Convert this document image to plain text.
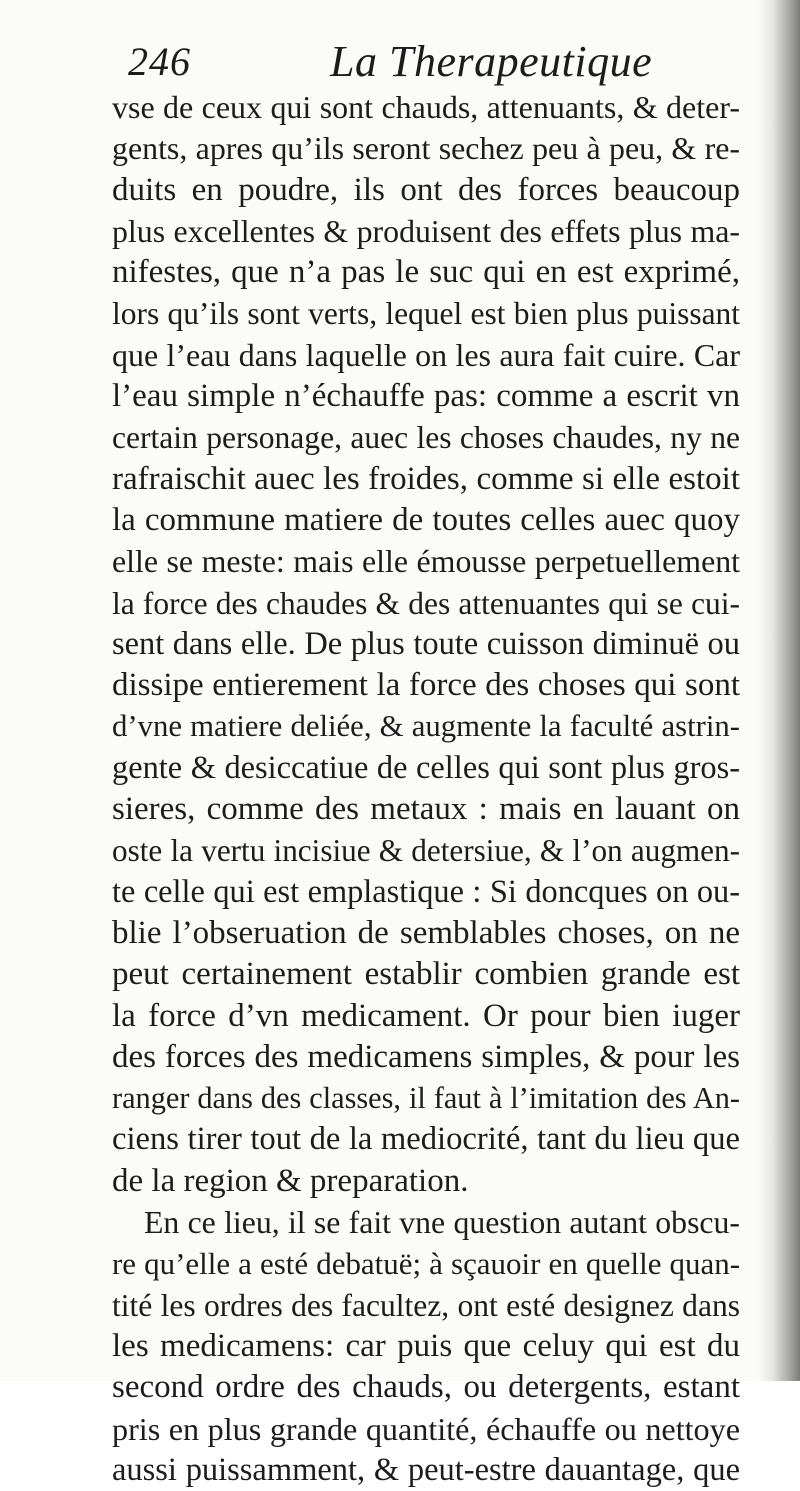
246	La Therapeutique
vse de ceux qui sont chauds, attenuants, & deter-
gents, apres qu’ils seront sechez peu à peu, & re-
duits en poudre, ils ont des forces beaucoup
plus excellentes & produisent des effets plus ma-
nifestes, que n’a pas le suc qui en est exprimé,
lors qu’ils sont verts, lequel est bien plus puissant
que l’eau dans laquelle on les aura fait cuire. Car
l’eau simple n’échauffe pas: comme a escrit vn
certain personage, auec les choses chaudes, ny ne
rafraischit auec les froides, comme si elle estoit
la commune matiere de toutes celles auec quoy
elle se meste: mais elle émousse perpetuellement
la force des chaudes & des attenuantes qui se cui-
sent dans elle. De plus toute cuisson diminuë ou
dissipe entierement la force des choses qui sont
d’vne matiere deliée, & augmente la faculté astrin-
gente & desiccatiue de celles qui sont plus gros-
sieres, comme des metaux : mais en lauant on
oste la vertu incisiue & detersiue, & l’on augmen-
te celle qui est emplastique : Si doncques on ou-
blie l’obseruation de semblables choses, on ne
peut certainement establir combien grande est
la force d’vn medicament. Or pour bien iuger
des forces des medicamens simples, & pour les
ranger dans des classes, il faut à l’imitation des An-
ciens tirer tout de la mediocrité, tant du lieu que
de la region & preparation.
En ce lieu, il se fait vne question autant obscu-
re qu’elle a esté debatuë; à sçauoir en quelle quan-
tité les ordres des facultez, ont esté designez dans
les medicamens: car puis que celuy qui est du
second ordre des chauds, ou detergents, estant
pris en plus grande quantité, échauffe ou nettoye
aussi puissamment, & peut-estre dauantage, que
